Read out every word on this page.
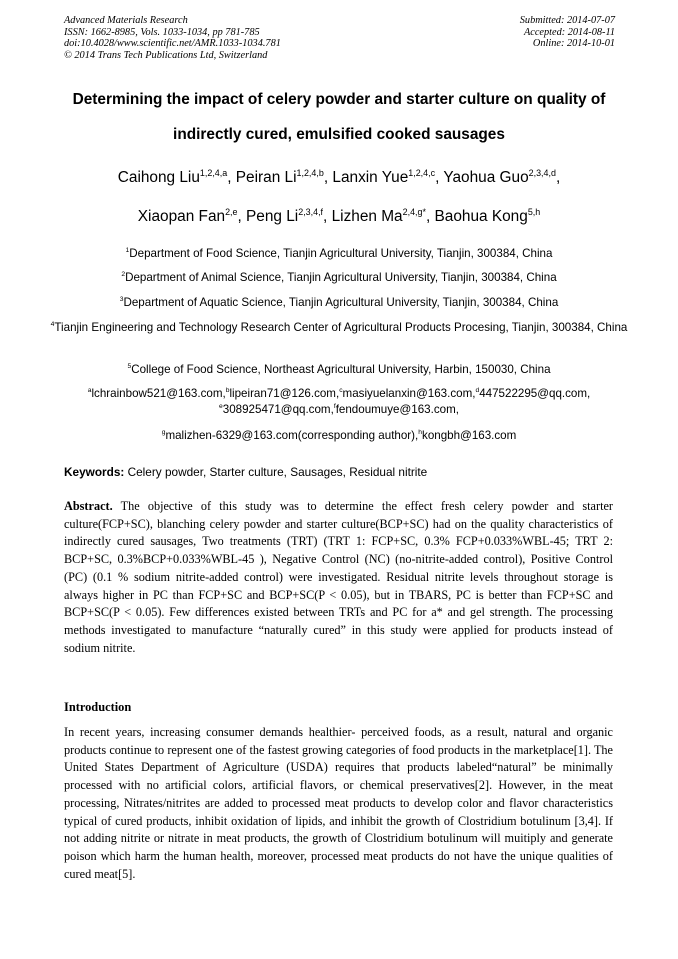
Advanced Materials Research
ISSN: 1662-8985, Vols. 1033-1034, pp 781-785
doi:10.4028/www.scientific.net/AMR.1033-1034.781
© 2014 Trans Tech Publications Ltd, Switzerland
Submitted: 2014-07-07
Accepted: 2014-08-11
Online: 2014-10-01
Determining the impact of celery powder and starter culture on quality of
indirectly cured, emulsified cooked sausages
Caihong Liu$^{1,2,4,a}$, Peiran Li$^{1,2,4,b}$, Lanxin Yue$^{1,2,4,c}$, Yaohua Guo$^{2,3,4,d}$,
Xiaopan Fan$^{2,e}$, Peng Li$^{2,3,4,f}$, Lizhen $Ma^{2,4,g*}$, Baohua Kong$^{5,h}$
$^1$Department of Food Science, Tianjin Agricultural University, Tianjin, 300384, China
$^2$Department of Animal Science, Tianjin Agricultural University, Tianjin, 300384, China
$^3$Department of Aquatic Science, Tianjin Agricultural University, Tianjin, 300384, China
$^4$Tianjin Engineering and Technology Research Center of Agricultural Products Procesing, Tianjin, 300384, China
$^5$College of Food Science, Northeast Agricultural University, Harbin, 150030, China
$^a$lchrainbow521@163.com,$^b$lipeiran71@126.com,$^c$masiyuelanxin@163.com,$^d$447522295@qq.com,
$^e$308925471@qq.com,$^f$fendoumuye@163.com,
$^g$malizhen-6329@163.com(corresponding author),$^h$kongbh@163.com
Keywords: Celery powder, Starter culture, Sausages, Residual nitrite
Abstract. The objective of this study was to determine the effect fresh celery powder and starter culture(FCP+SC), blanching celery powder and starter culture(BCP+SC) had on the quality characteristics of indirectly cured sausages, Two treatments (TRT) (TRT 1: FCP+SC, 0.3% FCP+0.033%WBL-45; TRT 2: BCP+SC, 0.3%BCP+0.033%WBL-45 ), Negative Control (NC) (no-nitrite-added control), Positive Control (PC) (0.1 % sodium nitrite-added control) were investigated. Residual nitrite levels throughout storage is always higher in PC than FCP+SC and BCP+SC(P < 0.05), but in TBARS, PC is better than FCP+SC and BCP+SC(P < 0.05). Few differences existed between TRTs and PC for a* and gel strength. The processing methods investigated to manufacture “naturally cured” in this study were applied for products instead of sodium nitrite.
Introduction
In recent years, increasing consumer demands healthier- perceived foods, as a result, natural and organic products continue to represent one of the fastest growing categories of food products in the marketplace[1]. The United States Department of Agriculture (USDA) requires that products labeled“natural” be minimally processed with no artificial colors, artificial flavors, or chemical preservatives[2]. However, in the meat processing, Nitrates/nitrites are added to processed meat products to develop color and flavor characteristics typical of cured products, inhibit oxidation of lipids, and inhibit the growth of Clostridium botulinum [3,4]. If not adding nitrite or nitrate in meat products, the growth of Clostridium botulinum will muitiply and generate poison which harm the human health, moreover, processed meat products do not have the unique qualities of cured meat[5].
